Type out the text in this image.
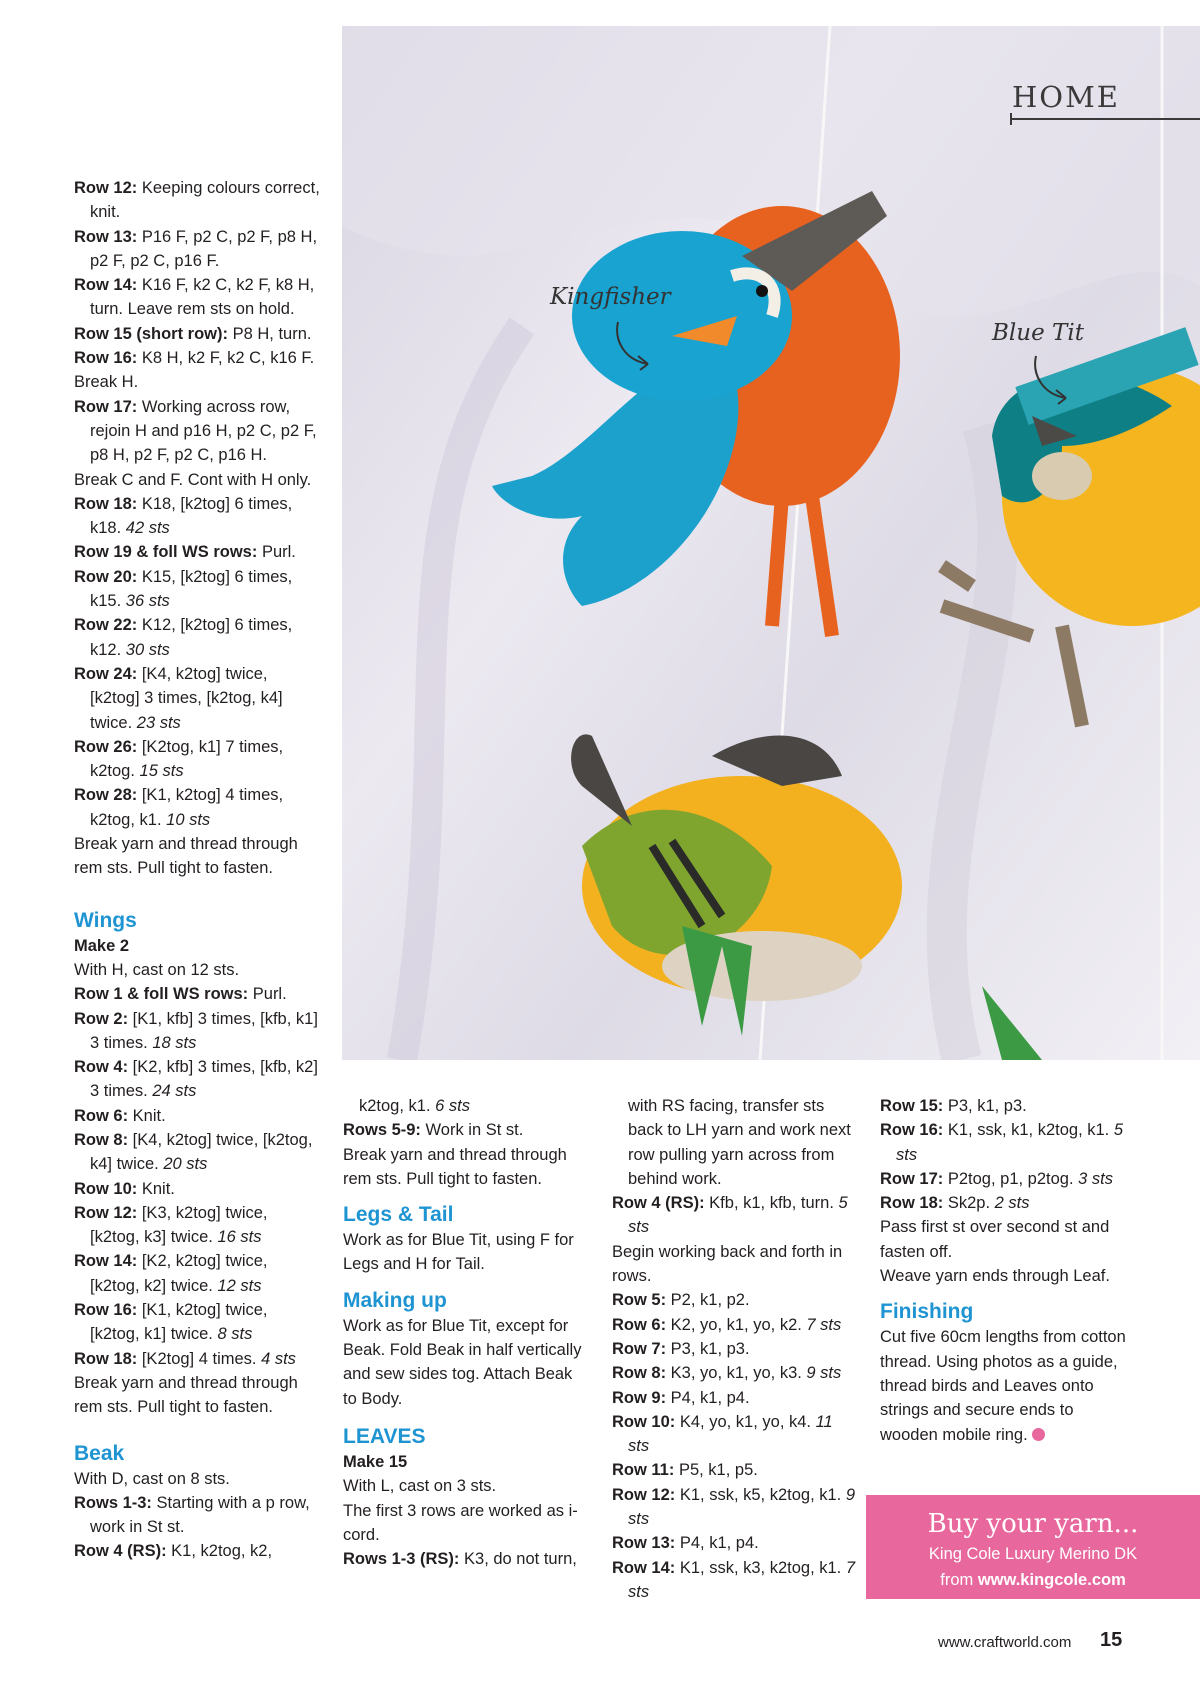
Row 12: Keeping colours correct, knit.

Row 13: P16 F, p2 C, p2 F, p8 H, p2 F, p2 C, p16 F.

Row 14: K16 F, k2 C, k2 F, k8 H, turn. Leave rem sts on hold.

Row 15 (short row): P8 H, turn.

Row 16: K8 H, k2 F, k2 C, k16 F.

Break H.

Row 17: Working across row, rejoin H and p16 H, p2 C, p2 F, p8 H, p2 F, p2 C, p16 H.

Break C and F. Cont with H only.

Row 18: K18, [k2tog] 6 times, k18. 42 sts

Row 19 & foll WS rows: Purl.

Row 20: K15, [k2tog] 6 times, k15. 36 sts

Row 22: K12, [k2tog] 6 times, k12. 30 sts

Row 24: [K4, k2tog] twice, [k2tog] 3 times, [k2tog, k4] twice. 23 sts

Row 26: [K2tog, k1] 7 times, k2tog. 15 sts

Row 28: [K1, k2tog] 4 times, k2tog, k1. 10 sts

Break yarn and thread through rem sts. Pull tight to fasten.

Wings

Make 2

With H, cast on 12 sts.

Row 1 & foll WS rows: Purl.

Row 2: [K1, kfb] 3 times, [kfb, k1] 3 times. 18 sts

Row 4: [K2, kfb] 3 times, [kfb, k2] 3 times. 24 sts

Row 6: Knit.

Row 8: [K4, k2tog] twice, [k2tog, k4] twice. 20 sts

Row 10: Knit.

Row 12: [K3, k2tog] twice, [k2tog, k3] twice. 16 sts

Row 14: [K2, k2tog] twice, [k2tog, k2] twice. 12 sts

Row 16: [K1, k2tog] twice, [k2tog, k1] twice. 8 sts

Row 18: [K2tog] 4 times. 4 sts

Break yarn and thread through rem sts. Pull tight to fasten.

Beak

With D, cast on 8 sts.

Rows 1-3: Starting with a p row, work in St st.

Row 4 (RS): K1, k2tog, k2,

Kingfisher
Blue Tit
HOME

k2tog, k1. 6 sts

Rows 5-9: Work in St st.

Break yarn and thread through rem sts. Pull tight to fasten.

Legs & Tail

Work as for Blue Tit, using F for Legs and H for Tail.

Making up

Work as for Blue Tit, except for Beak. Fold Beak in half vertically and sew sides tog. Attach Beak to Body.

LEAVES

Make 15

With L, cast on 3 sts.

The first 3 rows are worked as i-cord.

Rows 1-3 (RS): K3, do not turn,

with RS facing, transfer sts back to LH yarn and work next row pulling yarn across from behind work.

Row 4 (RS): Kfb, k1, kfb, turn. 5 sts

Begin working back and forth in rows.

Row 5: P2, k1, p2.

Row 6: K2, yo, k1, yo, k2. 7 sts

Row 7: P3, k1, p3.

Row 8: K3, yo, k1, yo, k3. 9 sts

Row 9: P4, k1, p4.

Row 10: K4, yo, k1, yo, k4. 11 sts

Row 11: P5, k1, p5.

Row 12: K1, ssk, k5, k2tog, k1. 9 sts

Row 13: P4, k1, p4.

Row 14: K1, ssk, k3, k2tog, k1. 7 sts

Row 15: P3, k1, p3.

Row 16: K1, ssk, k1, k2tog, k1. 5 sts

Row 17: P2tog, p1, p2tog. 3 sts

Row 18: Sk2p. 2 sts

Pass first st over second st and fasten off.

Weave yarn ends through Leaf.

Finishing

Cut five 60cm lengths from cotton thread. Using photos as a guide, thread birds and Leaves onto strings and secure ends to wooden mobile ring.

Buy your yarn...
King Cole Luxury Merino DK
from www.kingcole.com
www.craftworld.com 15
